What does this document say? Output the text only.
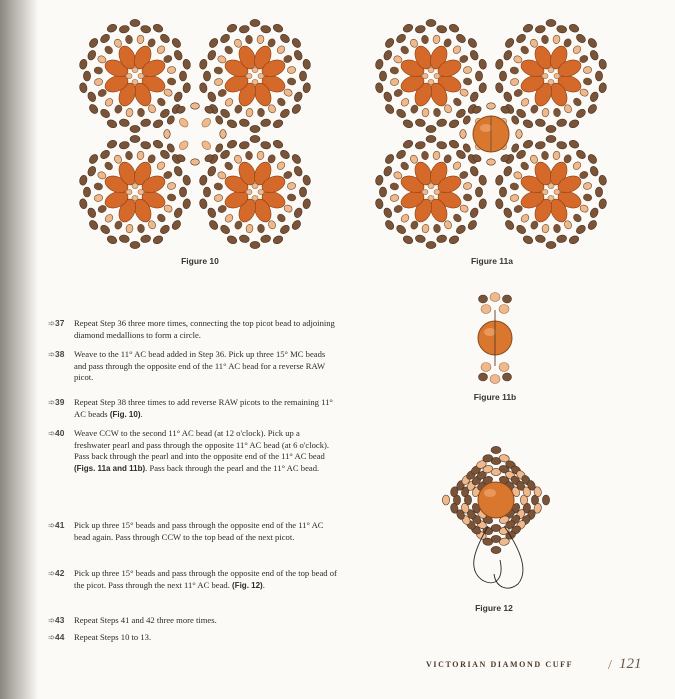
Figure 10	Figure 11a
Figure 11b
Figure 12
➾37	Repeat Step 36 three more times, connecting the top picot bead to adjoining diamond medallions to form a circle.
➾38	Weave to the 11° AC bead added in Step 36. Pick up three 15° MC beads and pass through the opposite end of the 11° AC bead for a reverse RAW picot.
➾39	Repeat Step 38 three times to add reverse RAW picots to the remaining 11° AC beads (Fig. 10).
➾40	Weave CCW to the second 11° AC bead (at 12 o'clock). Pick up a freshwater pearl and pass through the opposite 11° AC bead (at 6 o'clock). Pass back through the pearl and into the opposite end of the 11° AC bead (Figs. 11a and 11b). Pass back through the pearl and the 11° AC bead.
➾41	Pick up three 15° beads and pass through the opposite end of the 11° AC bead again. Pass through CCW to the top bead of the next picot.
➾42	Pick up three 15° beads and pass through the opposite end of the top bead of the picot. Pass through the next 11° AC bead. (Fig. 12).
➾43	Repeat Steps 41 and 42 three more times.
➾44	Repeat Steps 10 to 13.
VICTORIAN DIAMOND CUFF / 121
